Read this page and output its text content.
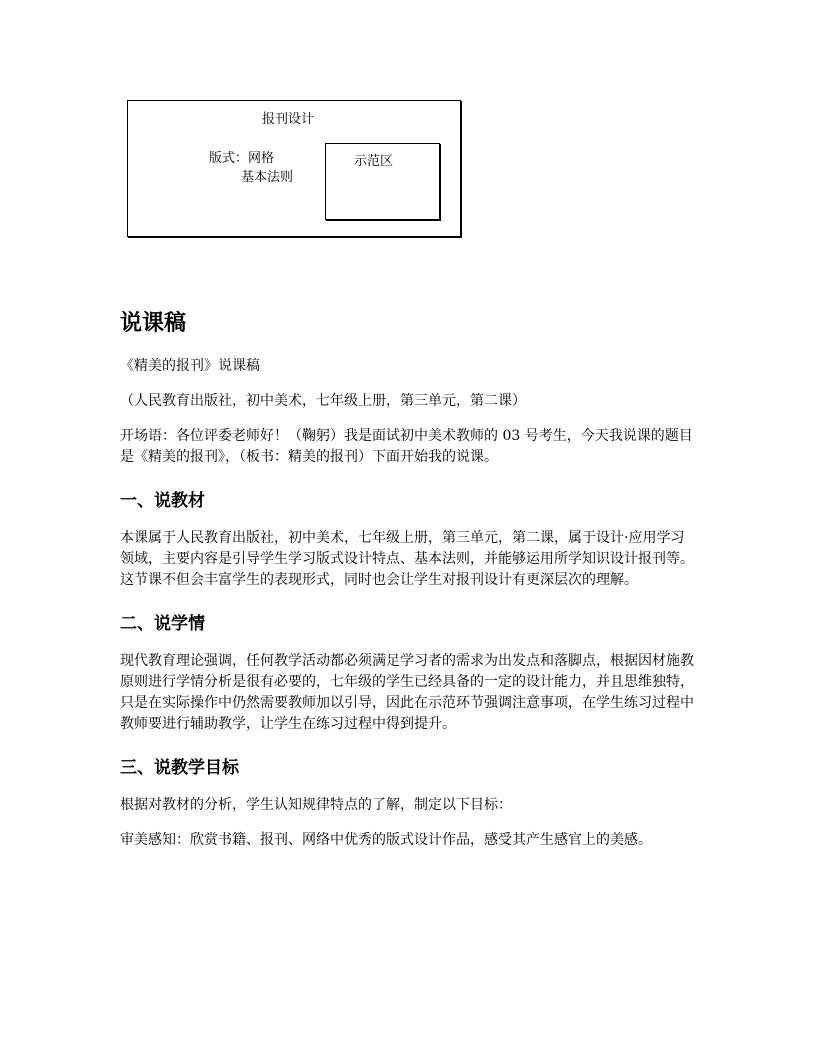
报刊设计
版式：网格
基本法则
示范区
说课稿

《精美的报刊》说课稿

（人民教育出版社，初中美术，七年级上册，第三单元，第二课）

开场语：各位评委老师好！（鞠躬）我是面试初中美术教师的 03 号考生，今天我说课的题目是《精美的报刊》，（板书：精美的报刊）下面开始我的说课。

一、说教材

本课属于人民教育出版社，初中美术，七年级上册，第三单元，第二课，属于设计·应用学习领域，主要内容是引导学生学习版式设计特点、基本法则，并能够运用所学知识设计报刊等。这节课不但会丰富学生的表现形式，同时也会让学生对报刊设计有更深层次的理解。

二、说学情

现代教育理论强调，任何教学活动都必须满足学习者的需求为出发点和落脚点，根据因材施教原则进行学情分析是很有必要的，七年级的学生已经具备的一定的设计能力，并且思维独特，只是在实际操作中仍然需要教师加以引导，因此在示范环节强调注意事项，在学生练习过程中教师要进行辅助教学，让学生在练习过程中得到提升。

三、说教学目标

根据对教材的分析，学生认知规律特点的了解，制定以下目标：

审美感知：欣赏书籍、报刊、网络中优秀的版式设计作品，感受其产生感官上的美感。
